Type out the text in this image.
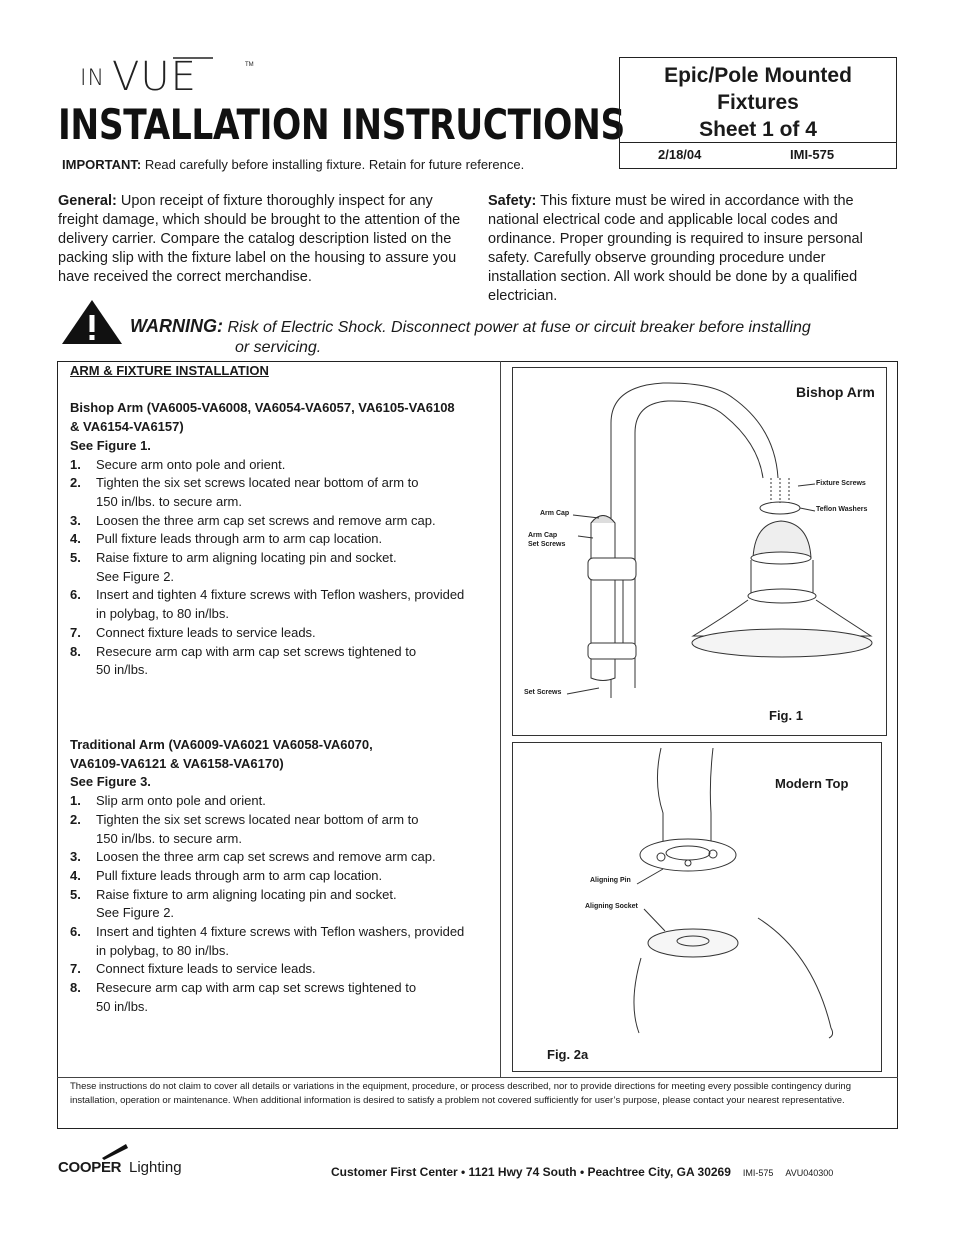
IN VUE	TM
INSTALLATION INSTRUCTIONS
IMPORTANT: Read carefully before installing fixture. Retain for future reference.
Epic/Pole Mounted
Fixtures
Sheet 1 of 4
2/18/04	IMI-575
General: Upon receipt of fixture thoroughly inspect for any freight damage, which should be brought to the attention of the delivery carrier. Compare the catalog description listed on the packing slip with the fixture label on the housing to assure you have received the correct merchandise.
Safety: This fixture must be wired in accordance with the national electrical code and applicable local codes and ordinance. Proper grounding is required to insure personal safety. Carefully observe grounding procedure under installation section. All work should be done by a qualified electrician.
WARNING: Risk of Electric Shock. Disconnect power at fuse or circuit breaker before installing
or servicing.
ARM & FIXTURE INSTALLATION
Bishop Arm (VA6005-VA6008, VA6054-VA6057, VA6105-VA6108
& VA6154-VA6157)
See Figure 1.
1. Secure arm onto pole and orient.
2. Tighten the six set screws located near bottom of arm to
150 in/lbs. to secure arm.
3. Loosen the three arm cap set screws and remove arm cap.
4. Pull fixture leads through arm to arm cap location.
5. Raise fixture to arm aligning locating pin and socket.
See Figure 2.
6. Insert and tighten 4 fixture screws with Teflon washers, provided
in polybag, to 80 in/lbs.
7. Connect fixture leads to service leads.
8. Resecure arm cap with arm cap set screws tightened to
50 in/lbs.
Traditional Arm (VA6009-VA6021 VA6058-VA6070,
VA6109-VA6121 & VA6158-VA6170)
See Figure 3.
1. Slip arm onto pole and orient.
2. Tighten the six set screws located near bottom of arm to
150 in/lbs. to secure arm.
3. Loosen the three arm cap set screws and remove arm cap.
4. Pull fixture leads through arm to arm cap location.
5. Raise fixture to arm aligning locating pin and socket.
See Figure 2.
6. Insert and tighten 4 fixture screws with Teflon washers, provided
in polybag, to 80 in/lbs.
7. Connect fixture leads to service leads.
8. Resecure arm cap with arm cap set screws tightened to
50 in/lbs.
Bishop Arm
Fixture Screws
Teflon Washers
Arm Cap
Arm Cap
Set Screws
Set Screws
Fig. 1
Modern Top
Aligning Pin
Aligning Socket
Fig. 2a
These instructions do not claim to cover all details or variations in the equipment, procedure, or process described, nor to provide directions for meeting every possible contingency during installation, operation or maintenance. When additional information is desired to satisfy a problem not covered sufficiently for user’s purpose, please contact your nearest representative.
COOPER Lighting	Customer First Center • 1121 Hwy 74 South • Peachtree City, GA 30269 IMI-575 AVU040300
